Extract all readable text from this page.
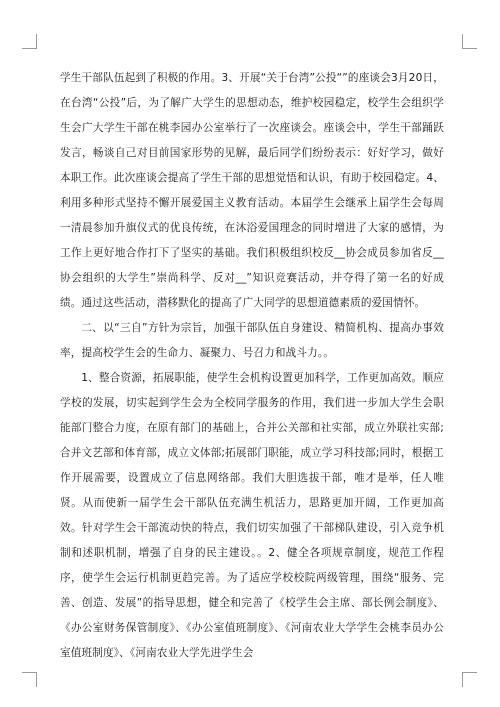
学生干部队伍起到了积极的作用。3、开展“关于台湾”公投“”的座谈会3月20日，在台湾“公投”后，为了解广大学生的思想动态，维护校园稳定，校学生会组织学生会广大学生干部在桃李园办公室举行了一次座谈会。座谈会中，学生干部踊跃发言，畅谈自己对目前国家形势的见解，最后同学们纷纷表示：好好学习，做好本职工作。此次座谈会提高了学生干部的思想觉悟和认识，有助于校园稳定。4、利用多种形式坚持不懈开展爱国主义教育活动。本届学生会继承上届学生会每周一清晨参加升旗仪式的优良传统，在沐浴爱国理念的同时增进了大家的感情，为工作上更好地合作打下了坚实的基础。我们积极组织校反__协会成员参加省反__协会组织的大学生”崇尚科学、反对__”知识竞赛活动，并夺得了第一名的好成绩。通过这些活动，潜移默化的提高了广大同学的思想道德素质的爱国情怀。

二、以“三自”方针为宗旨，加强干部队伍自身建设、精简机构、提高办事效率，提高校学生会的生命力、凝聚力、号召力和战斗力。。

1、整合资源，拓展职能，使学生会机构设置更加科学，工作更加高效。顺应学校的发展，切实起到学生会为全校同学服务的作用，我们进一步加大学生会职能部门整合力度，在原有部门的基础上，合并公关部和社实部，成立外联社实部;合并文艺部和体育部，成立文体部;拓展部门职能，成立学习科技部;同时，根据工作开展需要，设置成立了信息网络部。我们大胆选拔干部，唯才是举，任人唯贤。从而使新一届学生会干部队伍充满生机活力，思路更加开阔，工作更加高效。针对学生会干部流动快的特点，我们切实加强了干部梯队建设，引入竞争机制和述职机制，增强了自身的民主建设。。2、健全各项规章制度，规范工作程序，使学生会运行机制更趋完善。为了适应学校校院两级管理，围绕“服务、完善、创造、发展”的指导思想，健全和完善了《校学生会主席、部长例会制度》、《办公室财务保管制度》、《办公室值班制度》、《河南农业大学学生会桃李员办公室值班制度》、《河南农业大学先进学生会
